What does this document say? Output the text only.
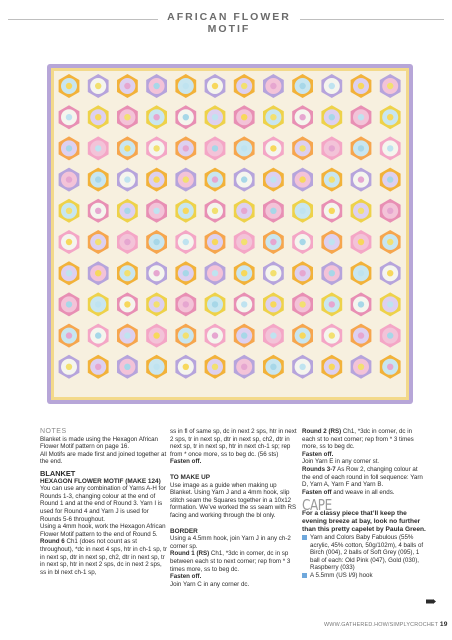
AFRICAN FLOWER MOTIF

NOTES

Blanket is made using the Hexagon African Flower Motif pattern on page 16.

All Motifs are made first and joined together at the end.

BLANKET

HEXAGON FLOWER MOTIF (MAKE 124)

You can use any combination of Yarns A-H for Rounds 1-3, changing colour at the end of Round 1 and at the end of Round 3. Yarn I is used for Round 4 and Yarn J is used for Rounds 5-6 throughout.

Using a 4mm hook, work the Hexagon African Flower Motif pattern to the end of Round 5.

Round 6 Ch1 (does not count as st throughout), *dc in next 4 sps, htr in ch-1 sp, tr in next sp, dtr in next sp, ch2, dtr in next sp, tr in next sp, htr in next 2 sps, dc in next 2 sps, ss in bl next ch-1 sp,

ss in fl of same sp, dc in next 2 sps, htr in next 2 sps, tr in next sp, dtr in next sp, ch2, dtr in next sp, tr in next sp, htr in next ch-1 sp; rep from * once more, ss to beg dc. (56 sts)

Fasten off.

TO MAKE UP

Use image as a guide when making up Blanket. Using Yarn J and a 4mm hook, slip stitch seam the Squares together in a 10x12 formation. We’ve worked the ss seam with RS facing and working through the bl only.

BORDER

Using a 4.5mm hook, join Yarn J in any ch-2 corner sp.

Round 1 (RS) Ch1, *3dc in corner, dc in sp between each st to next corner; rep from * 3 times more, ss to beg dc.

Fasten off.

Join Yarn C in any corner dc.

Round 2 (RS) Ch1, *3dc in corner, dc in each st to next corner; rep from * 3 times more, ss to beg dc.

Fasten off.

Join Yarn E in any corner st.

Rounds 3-7 As Row 2, changing colour at the end of each round in foll sequence: Yarn D, Yarn A, Yarn F and Yarn B.

Fasten off and weave in all ends.

CAPE

For a classy piece that’ll keep the evening breeze at bay, look no further than this pretty capelet by Paula Green.

Yarn and Colors Baby Fabulous (55% acrylic, 45% cotton, 50g/102m), 4 balls of Birch (004), 2 balls of Soft Grey (095), 1 ball of each: Old Pink (047), Gold (030), Raspberry (033)
A 5.5mm (US I/9) hook
WWW.GATHERED.HOW/SIMPLYCROCHET 19
